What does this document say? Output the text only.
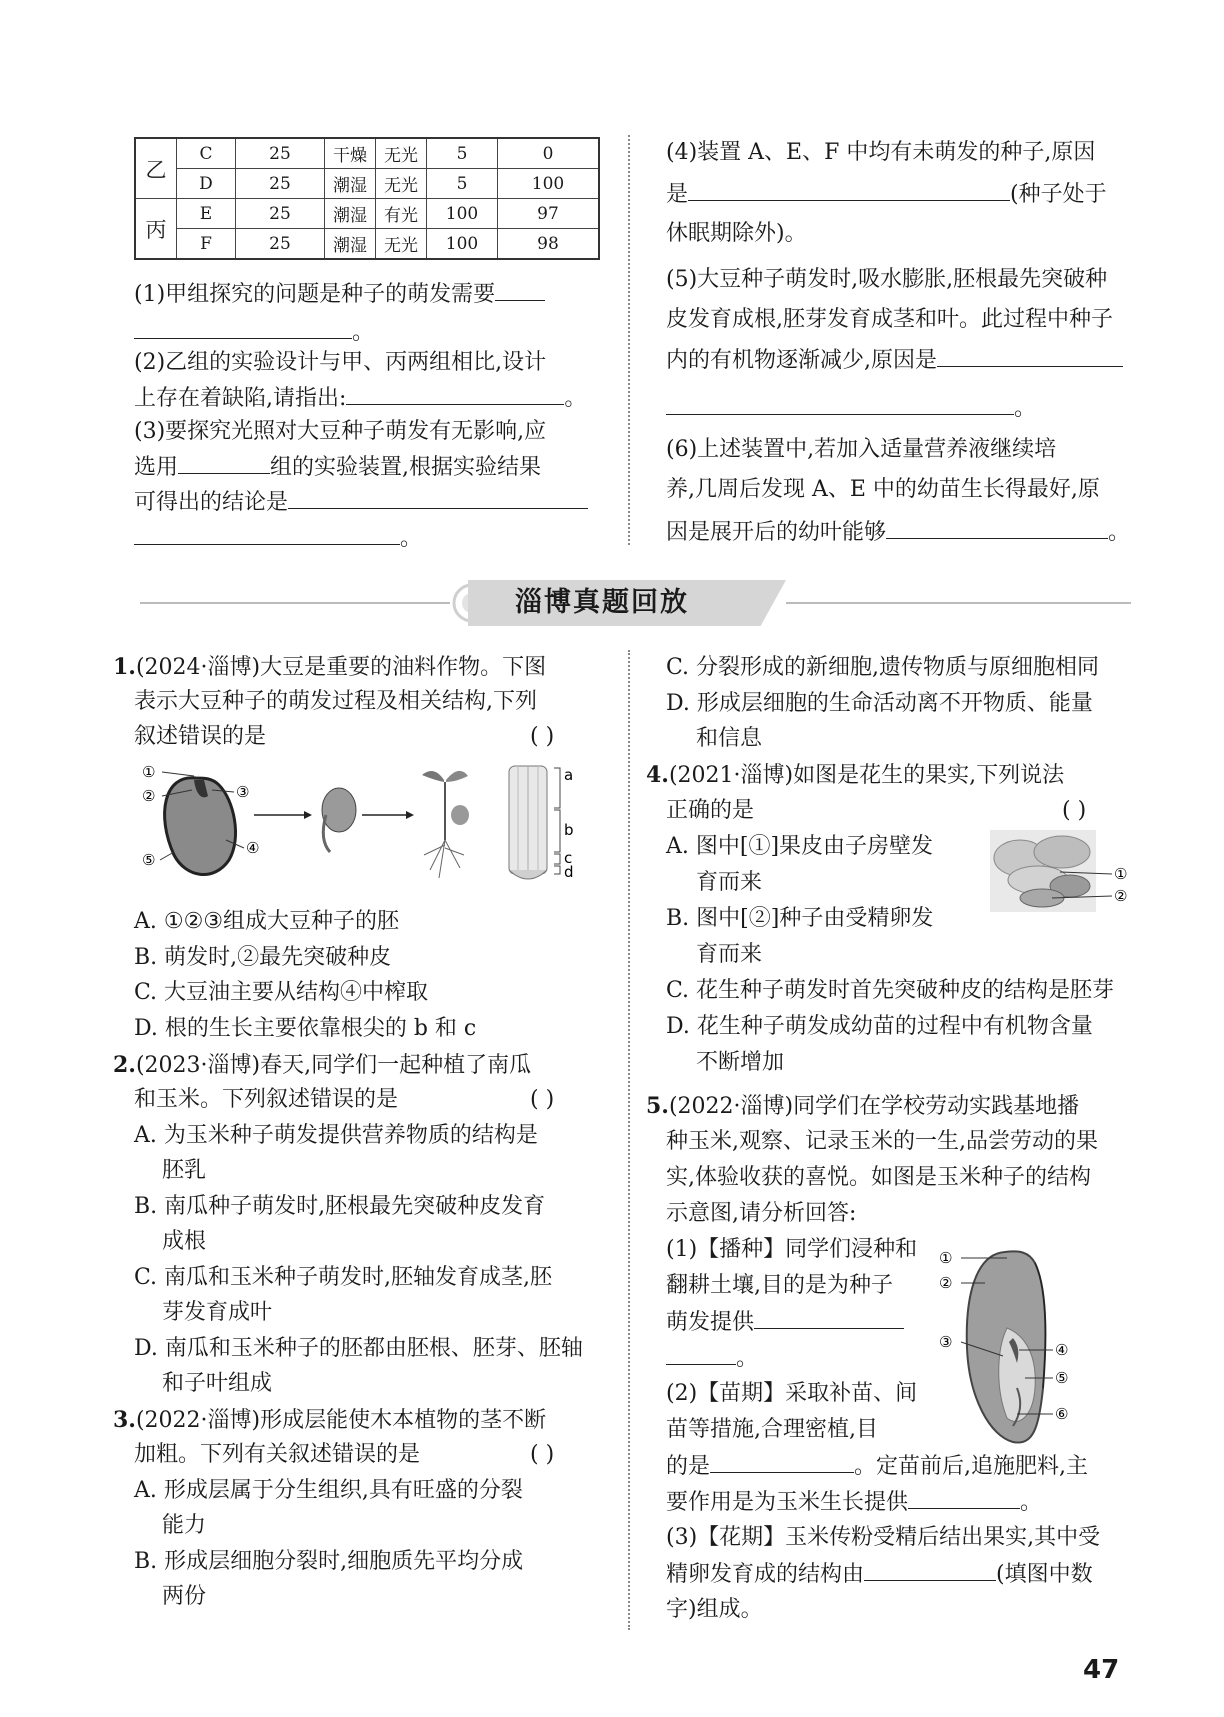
乙	C	25	干燥	无光	5	0
	D	25	潮湿	无光	5	100
丙	E	25	潮湿	有光	100	97
	F	25	潮湿	无光	100	98
(1)甲组探究的问题是种子的萌发需要
。
(2)乙组的实验设计与甲、丙两组相比,设计
上存在着缺陷,请指出:	。
(3)要探究光照对大豆种子萌发有无影响,应
选用	组的实验装置,根据实验结果
可得出的结论是
。
(4)装置 A、E、F 中均有未萌发的种子,原因
是	(种子处于
休眠期除外)。
(5)大豆种子萌发时,吸水膨胀,胚根最先突破种
皮发育成根,胚芽发育成茎和叶。此过程中种子
内的有机物逐渐减少,原因是
。
(6)上述装置中,若加入适量营养液继续培
养,几周后发现 A、E 中的幼苗生长得最好,原
因是展开后的幼叶能够	。
淄博真题回放
1.(2024·淄博)大豆是重要的油料作物。下图
表示大豆种子的萌发过程及相关结构,下列
叙述错误的是	( )
①
②	③
④
⑤
a
b
c
d
A. ①②③组成大豆种子的胚
B. 萌发时,②最先突破种皮
C. 大豆油主要从结构④中榨取
D. 根的生长主要依靠根尖的 b 和 c
2.(2023·淄博)春天,同学们一起种植了南瓜
和玉米。下列叙述错误的是	( )
A. 为玉米种子萌发提供营养物质的结构是
胚乳
B. 南瓜种子萌发时,胚根最先突破种皮发育
成根
C. 南瓜和玉米种子萌发时,胚轴发育成茎,胚
芽发育成叶
D. 南瓜和玉米种子的胚都由胚根、胚芽、胚轴
和子叶组成
3.(2022·淄博)形成层能使木本植物的茎不断
加粗。下列有关叙述错误的是	( )
A. 形成层属于分生组织,具有旺盛的分裂
能力
B. 形成层细胞分裂时,细胞质先平均分成
两份
C. 分裂形成的新细胞,遗传物质与原细胞相同
D. 形成层细胞的生命活动离不开物质、能量
和信息
4.(2021·淄博)如图是花生的果实,下列说法
正确的是	( )
A. 图中[①]果皮由子房壁发
育而来
B. 图中[②]种子由受精卵发
育而来
C. 花生种子萌发时首先突破种皮的结构是胚芽
D. 花生种子萌发成幼苗的过程中有机物含量
不断增加
①
②
5.(2022·淄博)同学们在学校劳动实践基地播
种玉米,观察、记录玉米的一生,品尝劳动的果
实,体验收获的喜悦。如图是玉米种子的结构
示意图,请分析回答:
(1)【播种】同学们浸种和
翻耕土壤,目的是为种子
萌发提供
。
(2)【苗期】采取补苗、间
苗等措施,合理密植,目
的是	。定苗前后,追施肥料,主
要作用是为玉米生长提供	。
(3)【花期】玉米传粉受精后结出果实,其中受
精卵发育成的结构由	(填图中数
字)组成。
①
②
③	④
⑤
⑥
47
